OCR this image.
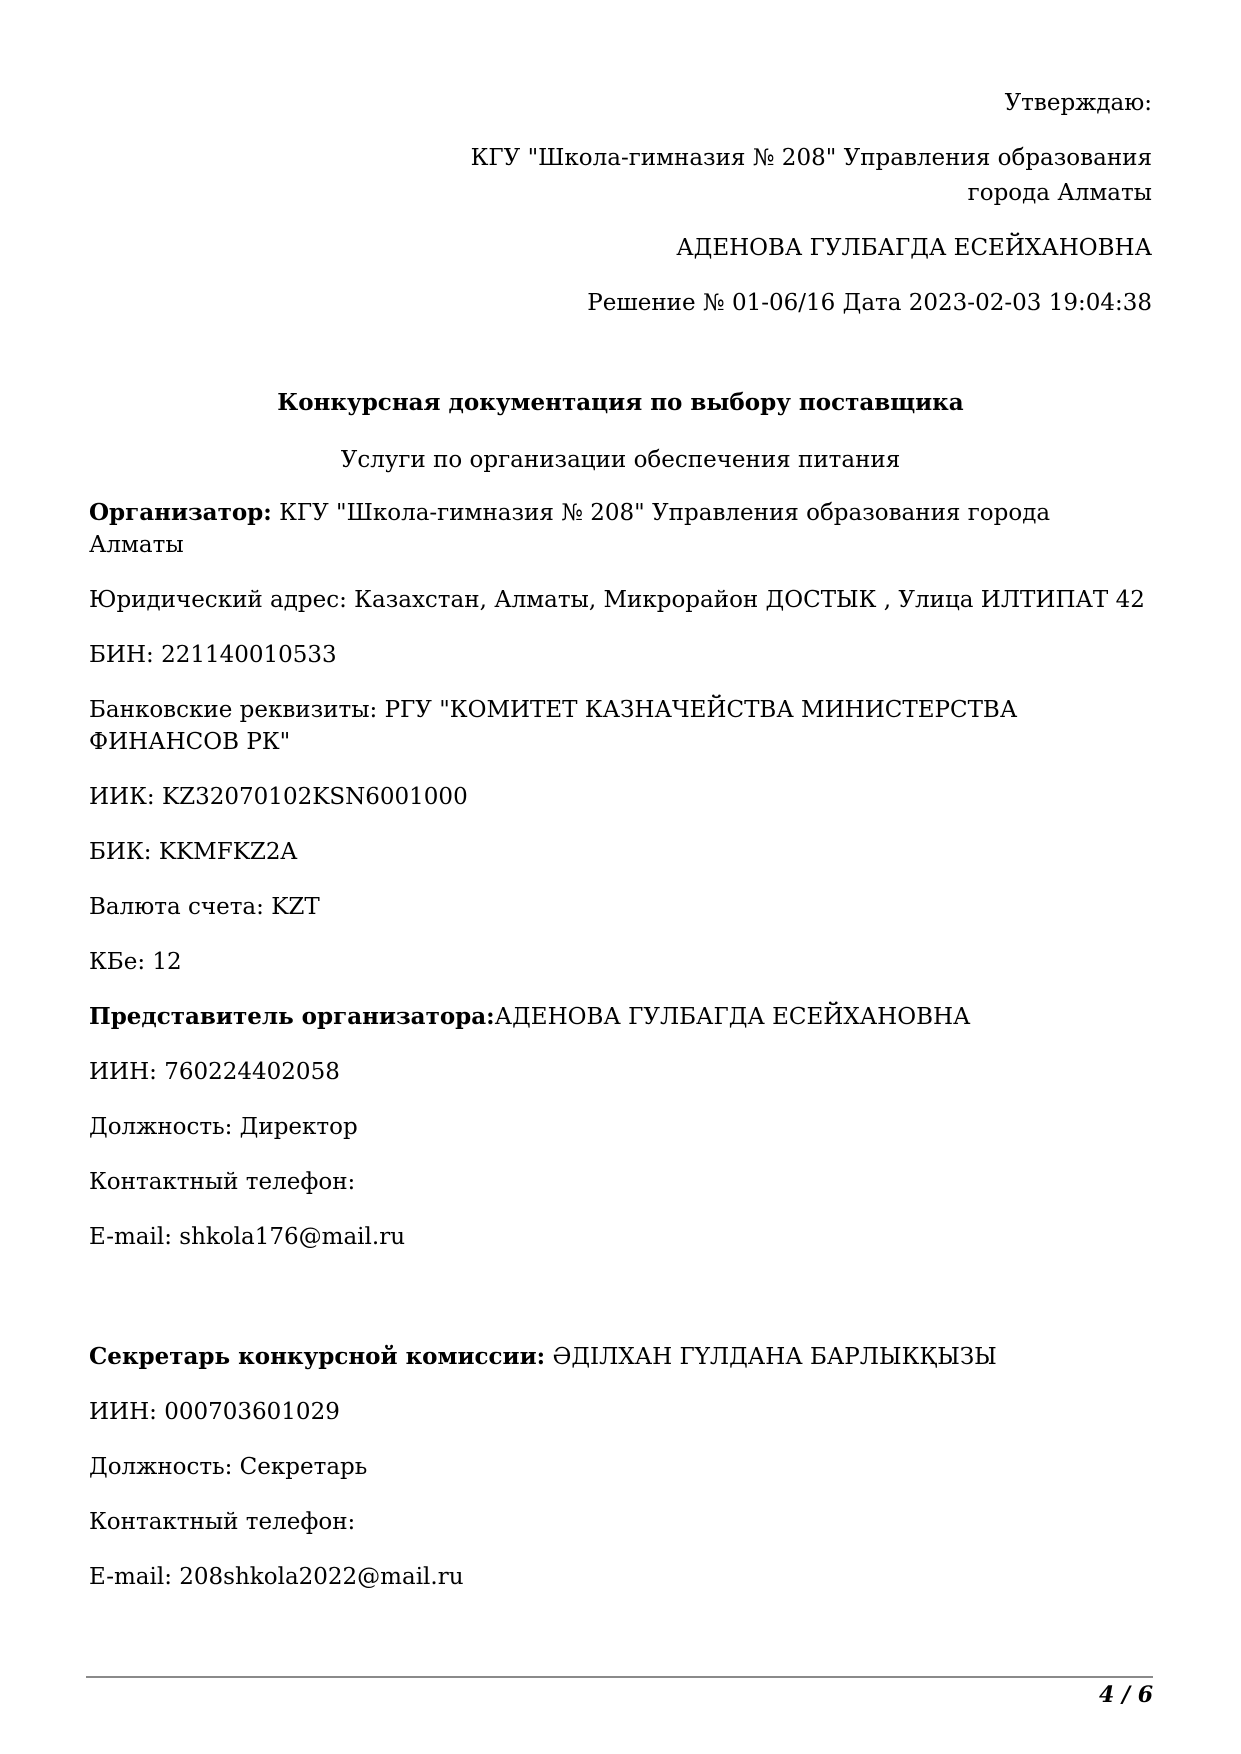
Утверждаю:

КГУ "Школа-гимназия № 208" Управления образования города Алматы

АДЕНОВА ГУЛБАГДА ЕСЕЙХАНОВНА

Решение № 01-06/16 Дата 2023-02-03 19:04:38

Конкурсная документация по выбору поставщика

Услуги по организации обеспечения питания

Организатор: КГУ "Школа-гимназия № 208" Управления образования города Алматы

Юридический адрес: Казахстан, Алматы, Микрорайон ДОСТЫК , Улица ИЛТИПАТ 42

БИН: 221140010533

Банковские реквизиты: РГУ "КОМИТЕТ КАЗНАЧЕЙСТВА МИНИСТЕРСТВА ФИНАНСОВ РК"

ИИК: KZ32070102KSN6001000

БИК: KKMFKZ2A

Валюта счета: KZT

КБе: 12

Представитель организатора:АДЕНОВА ГУЛБАГДА ЕСЕЙХАНОВНА

ИИН: 760224402058

Должность: Директор

Контактный телефон:

E-mail: shkola176@mail.ru

Секретарь конкурсной комиссии: ӘДІЛХАН ГҮЛДАНА БАРЛЫКҚЫЗЫ

ИИН: 000703601029

Должность: Секретарь

Контактный телефон:

E-mail: 208shkola2022@mail.ru

4 / 6
